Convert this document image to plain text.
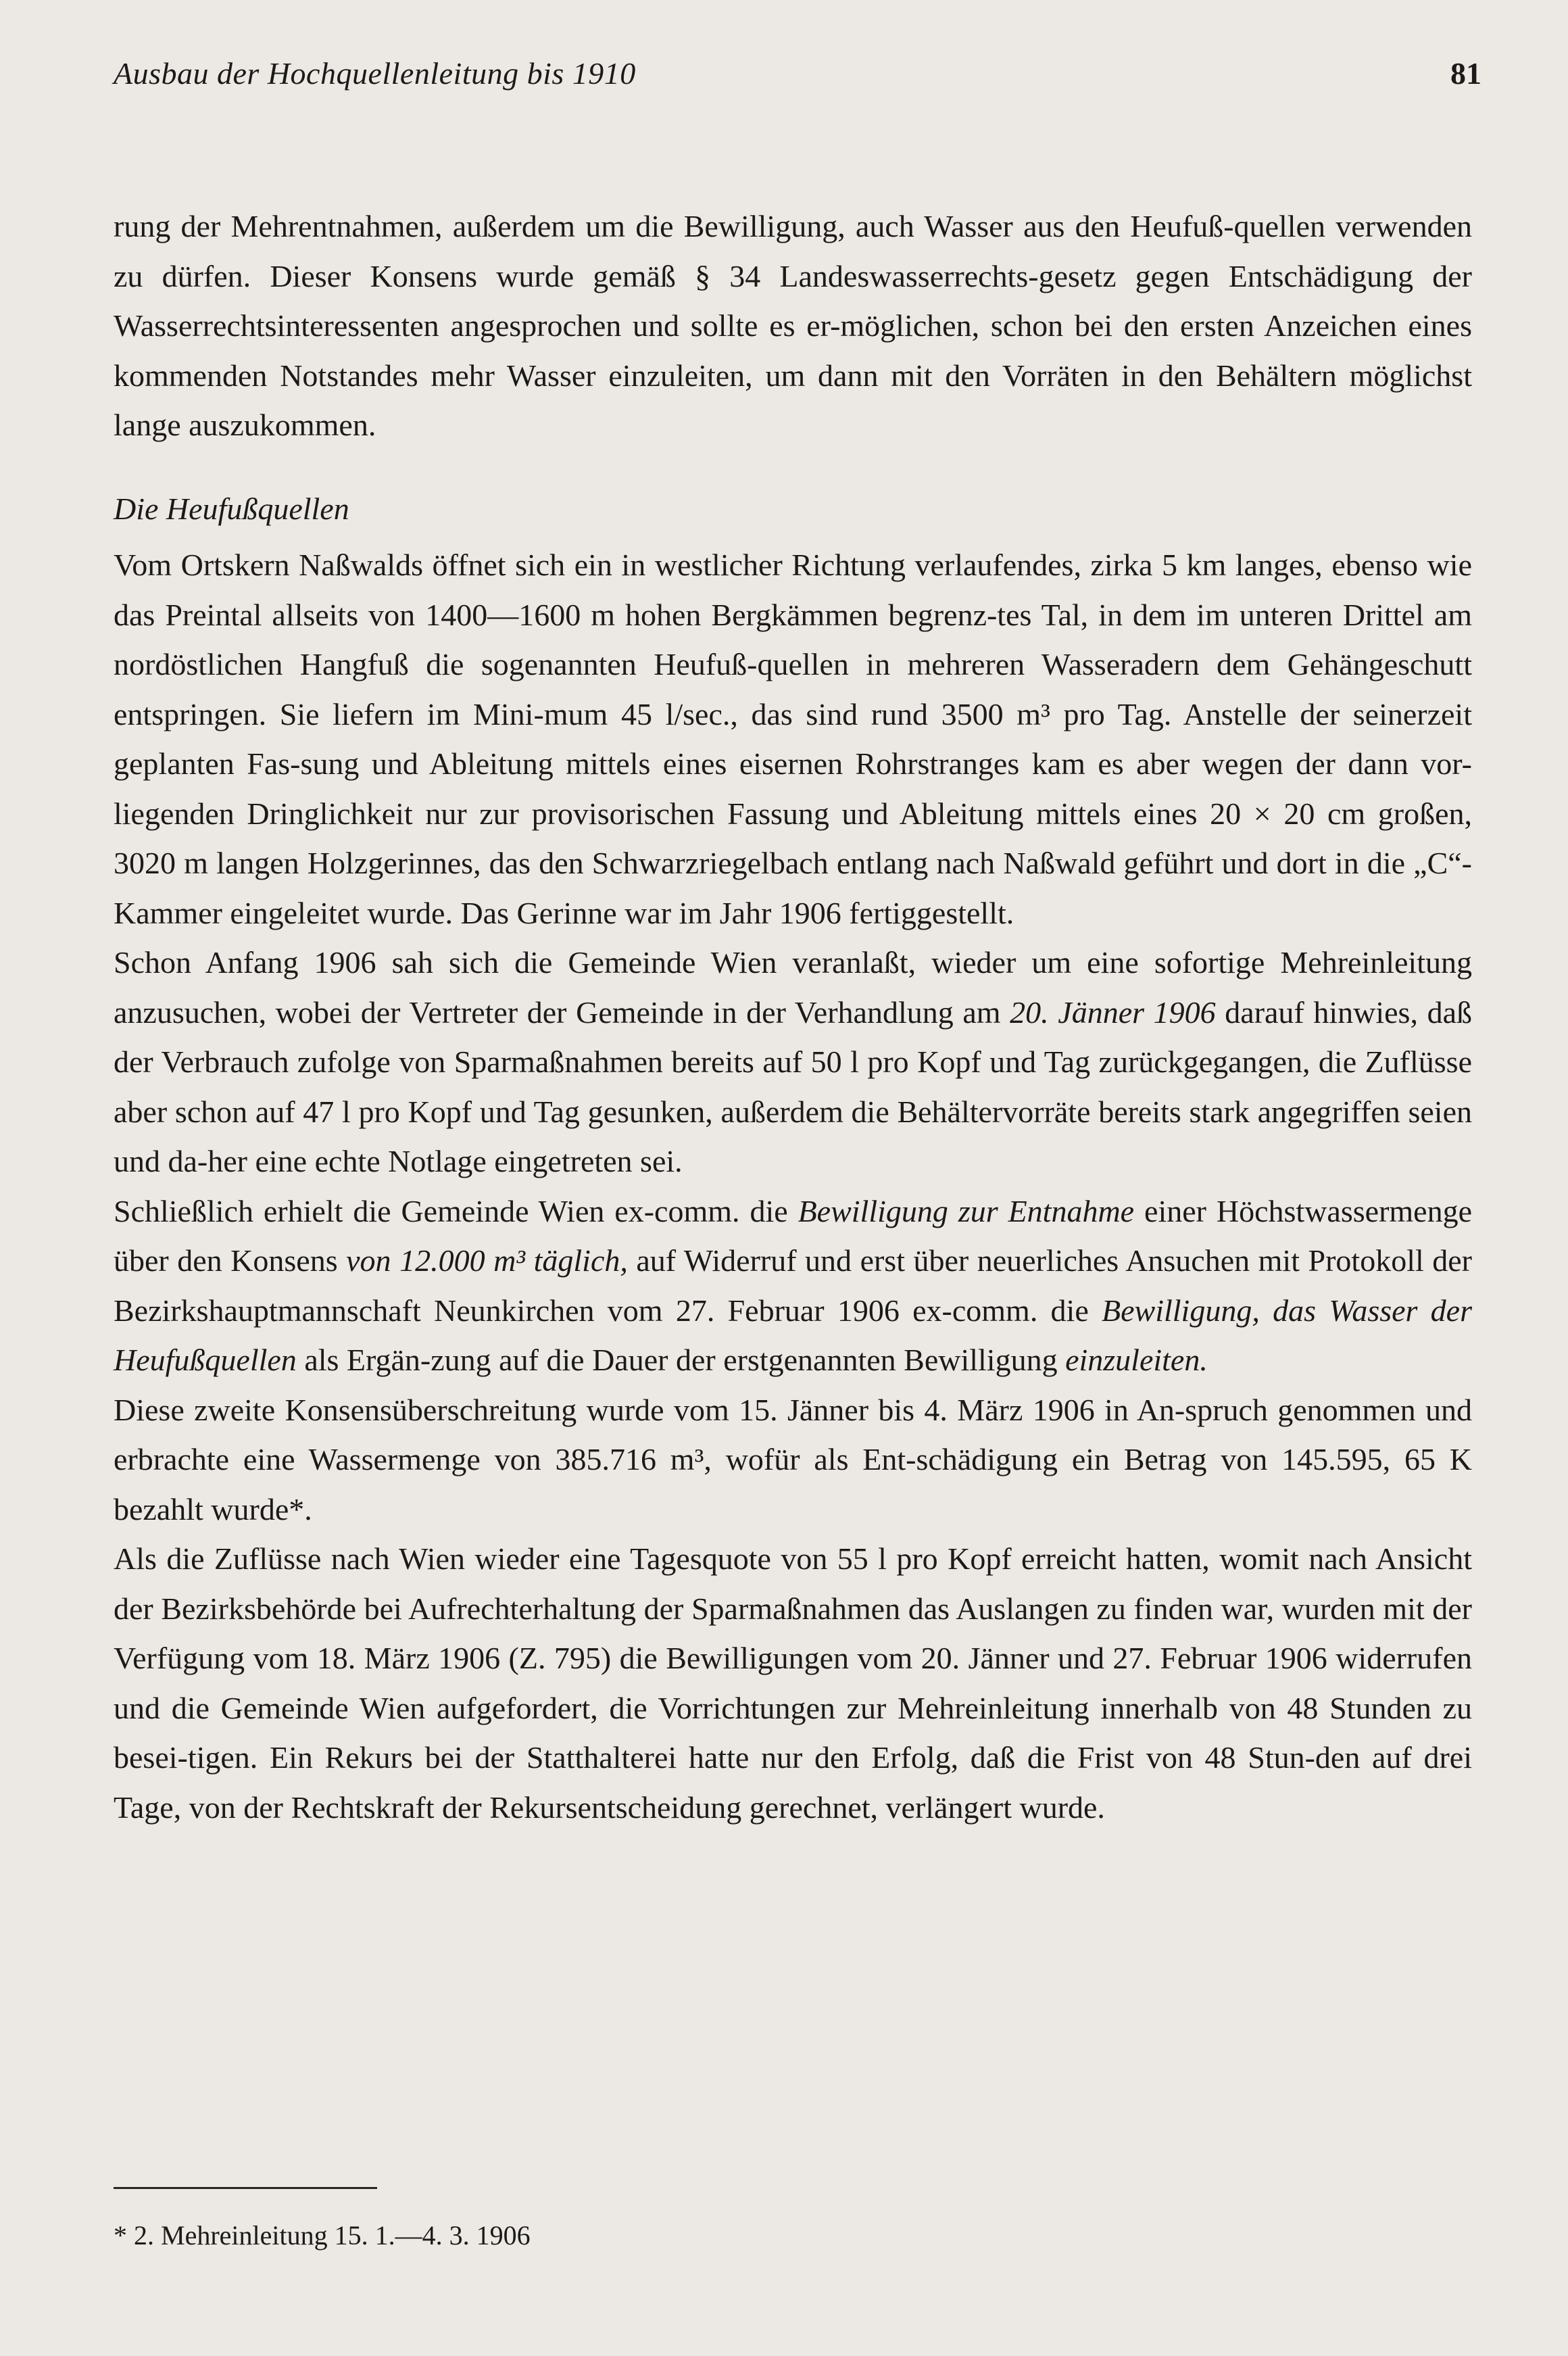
Ausbau der Hochquellenleitung bis 1910	81

rung der Mehrentnahmen, außerdem um die Bewilligung, auch Wasser aus den Heufuß-quellen verwenden zu dürfen. Dieser Konsens wurde gemäß § 34 Landeswasserrechts-gesetz gegen Entschädigung der Wasserrechtsinteressenten angesprochen und sollte es er-möglichen, schon bei den ersten Anzeichen eines kommenden Notstandes mehr Wasser einzuleiten, um dann mit den Vorräten in den Behältern möglichst lange auszukommen.

Die Heufußquellen

Vom Ortskern Naßwalds öffnet sich ein in westlicher Richtung verlaufendes, zirka 5 km langes, ebenso wie das Preintal allseits von 1400—1600 m hohen Bergkämmen begrenz-tes Tal, in dem im unteren Drittel am nordöstlichen Hangfuß die sogenannten Heufuß-quellen in mehreren Wasseradern dem Gehängeschutt entspringen. Sie liefern im Mini-mum 45 l/sec., das sind rund 3500 m³ pro Tag. Anstelle der seinerzeit geplanten Fas-sung und Ableitung mittels eines eisernen Rohrstranges kam es aber wegen der dann vor-liegenden Dringlichkeit nur zur provisorischen Fassung und Ableitung mittels eines 20 × 20 cm großen, 3020 m langen Holzgerinnes, das den Schwarzriegelbach entlang nach Naßwald geführt und dort in die „C“-Kammer eingeleitet wurde. Das Gerinne war im Jahr 1906 fertiggestellt.

Schon Anfang 1906 sah sich die Gemeinde Wien veranlaßt, wieder um eine sofortige Mehreinleitung anzusuchen, wobei der Vertreter der Gemeinde in der Verhandlung am 20. Jänner 1906 darauf hinwies, daß der Verbrauch zufolge von Sparmaßnahmen bereits auf 50 l pro Kopf und Tag zurückgegangen, die Zuflüsse aber schon auf 47 l pro Kopf und Tag gesunken, außerdem die Behältervorräte bereits stark angegriffen seien und da-her eine echte Notlage eingetreten sei.

Schließlich erhielt die Gemeinde Wien ex-comm. die Bewilligung zur Entnahme einer Höchstwassermenge über den Konsens von 12.000 m³ täglich, auf Widerruf und erst über neuerliches Ansuchen mit Protokoll der Bezirkshauptmannschaft Neunkirchen vom 27. Februar 1906 ex-comm. die Bewilligung, das Wasser der Heufußquellen als Ergän-zung auf die Dauer der erstgenannten Bewilligung einzuleiten.

Diese zweite Konsensüberschreitung wurde vom 15. Jänner bis 4. März 1906 in An-spruch genommen und erbrachte eine Wassermenge von 385.716 m³, wofür als Ent-schädigung ein Betrag von 145.595, 65 K bezahlt wurde*.

Als die Zuflüsse nach Wien wieder eine Tagesquote von 55 l pro Kopf erreicht hatten, womit nach Ansicht der Bezirksbehörde bei Aufrechterhaltung der Sparmaßnahmen das Auslangen zu finden war, wurden mit der Verfügung vom 18. März 1906 (Z. 795) die Bewilligungen vom 20. Jänner und 27. Februar 1906 widerrufen und die Gemeinde Wien aufgefordert, die Vorrichtungen zur Mehreinleitung innerhalb von 48 Stunden zu besei-tigen. Ein Rekurs bei der Statthalterei hatte nur den Erfolg, daß die Frist von 48 Stun-den auf drei Tage, von der Rechtskraft der Rekursentscheidung gerechnet, verlängert wurde.

* 2. Mehreinleitung 15. 1.—4. 3. 1906
